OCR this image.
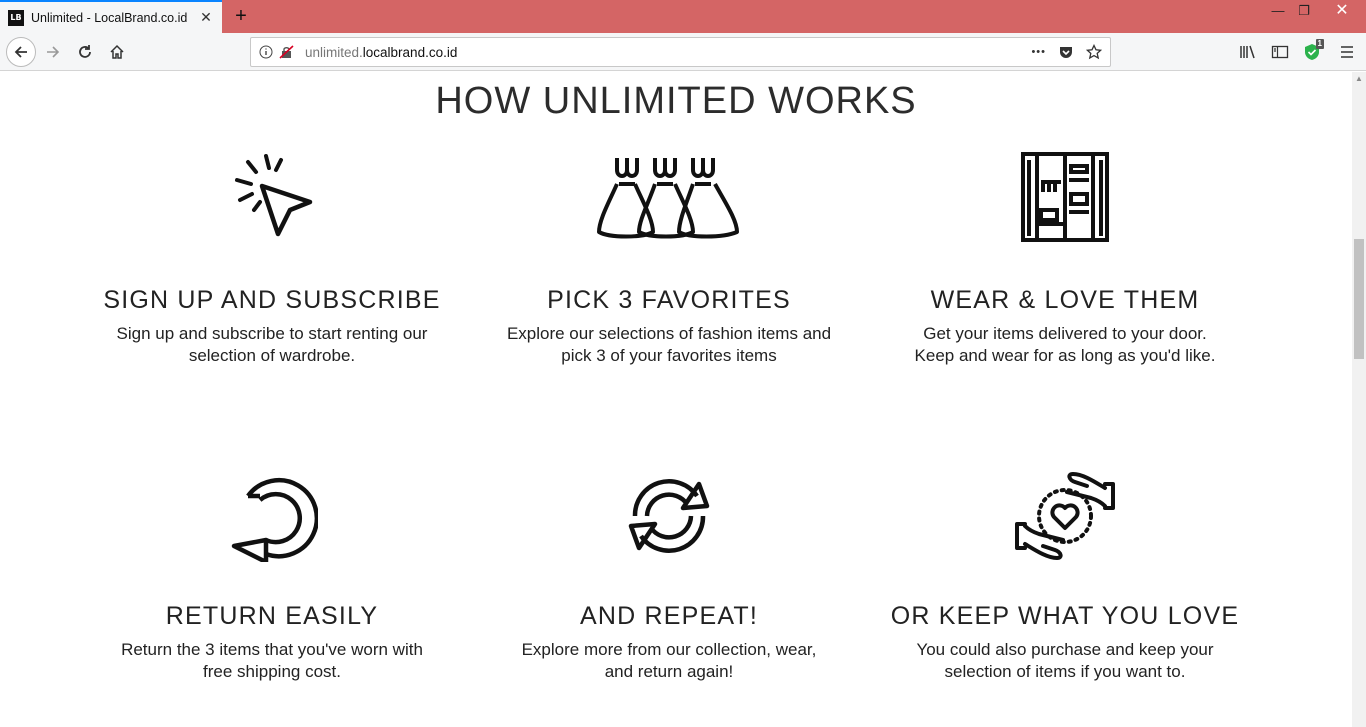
LB Unlimited - LocalBrand.co.id ✕ +	—	❐	✕
unlimited.localbrand.co.id	•••
1
HOW UNLIMITED WORKS
SIGN UP AND SUBSCRIBE

Sign up and subscribe to start renting our
selection of wardrobe.

PICK 3 FAVORITES

Explore our selections of fashion items and
pick 3 of your favorites items

WEAR & LOVE THEM

Get your items delivered to your door.
Keep and wear for as long as you'd like.

RETURN EASILY

Return the 3 items that you've worn with
free shipping cost.

AND REPEAT!

Explore more from our collection, wear,
and return again!

OR KEEP WHAT YOU LOVE

You could also purchase and keep your
selection of items if you want to.

▲
